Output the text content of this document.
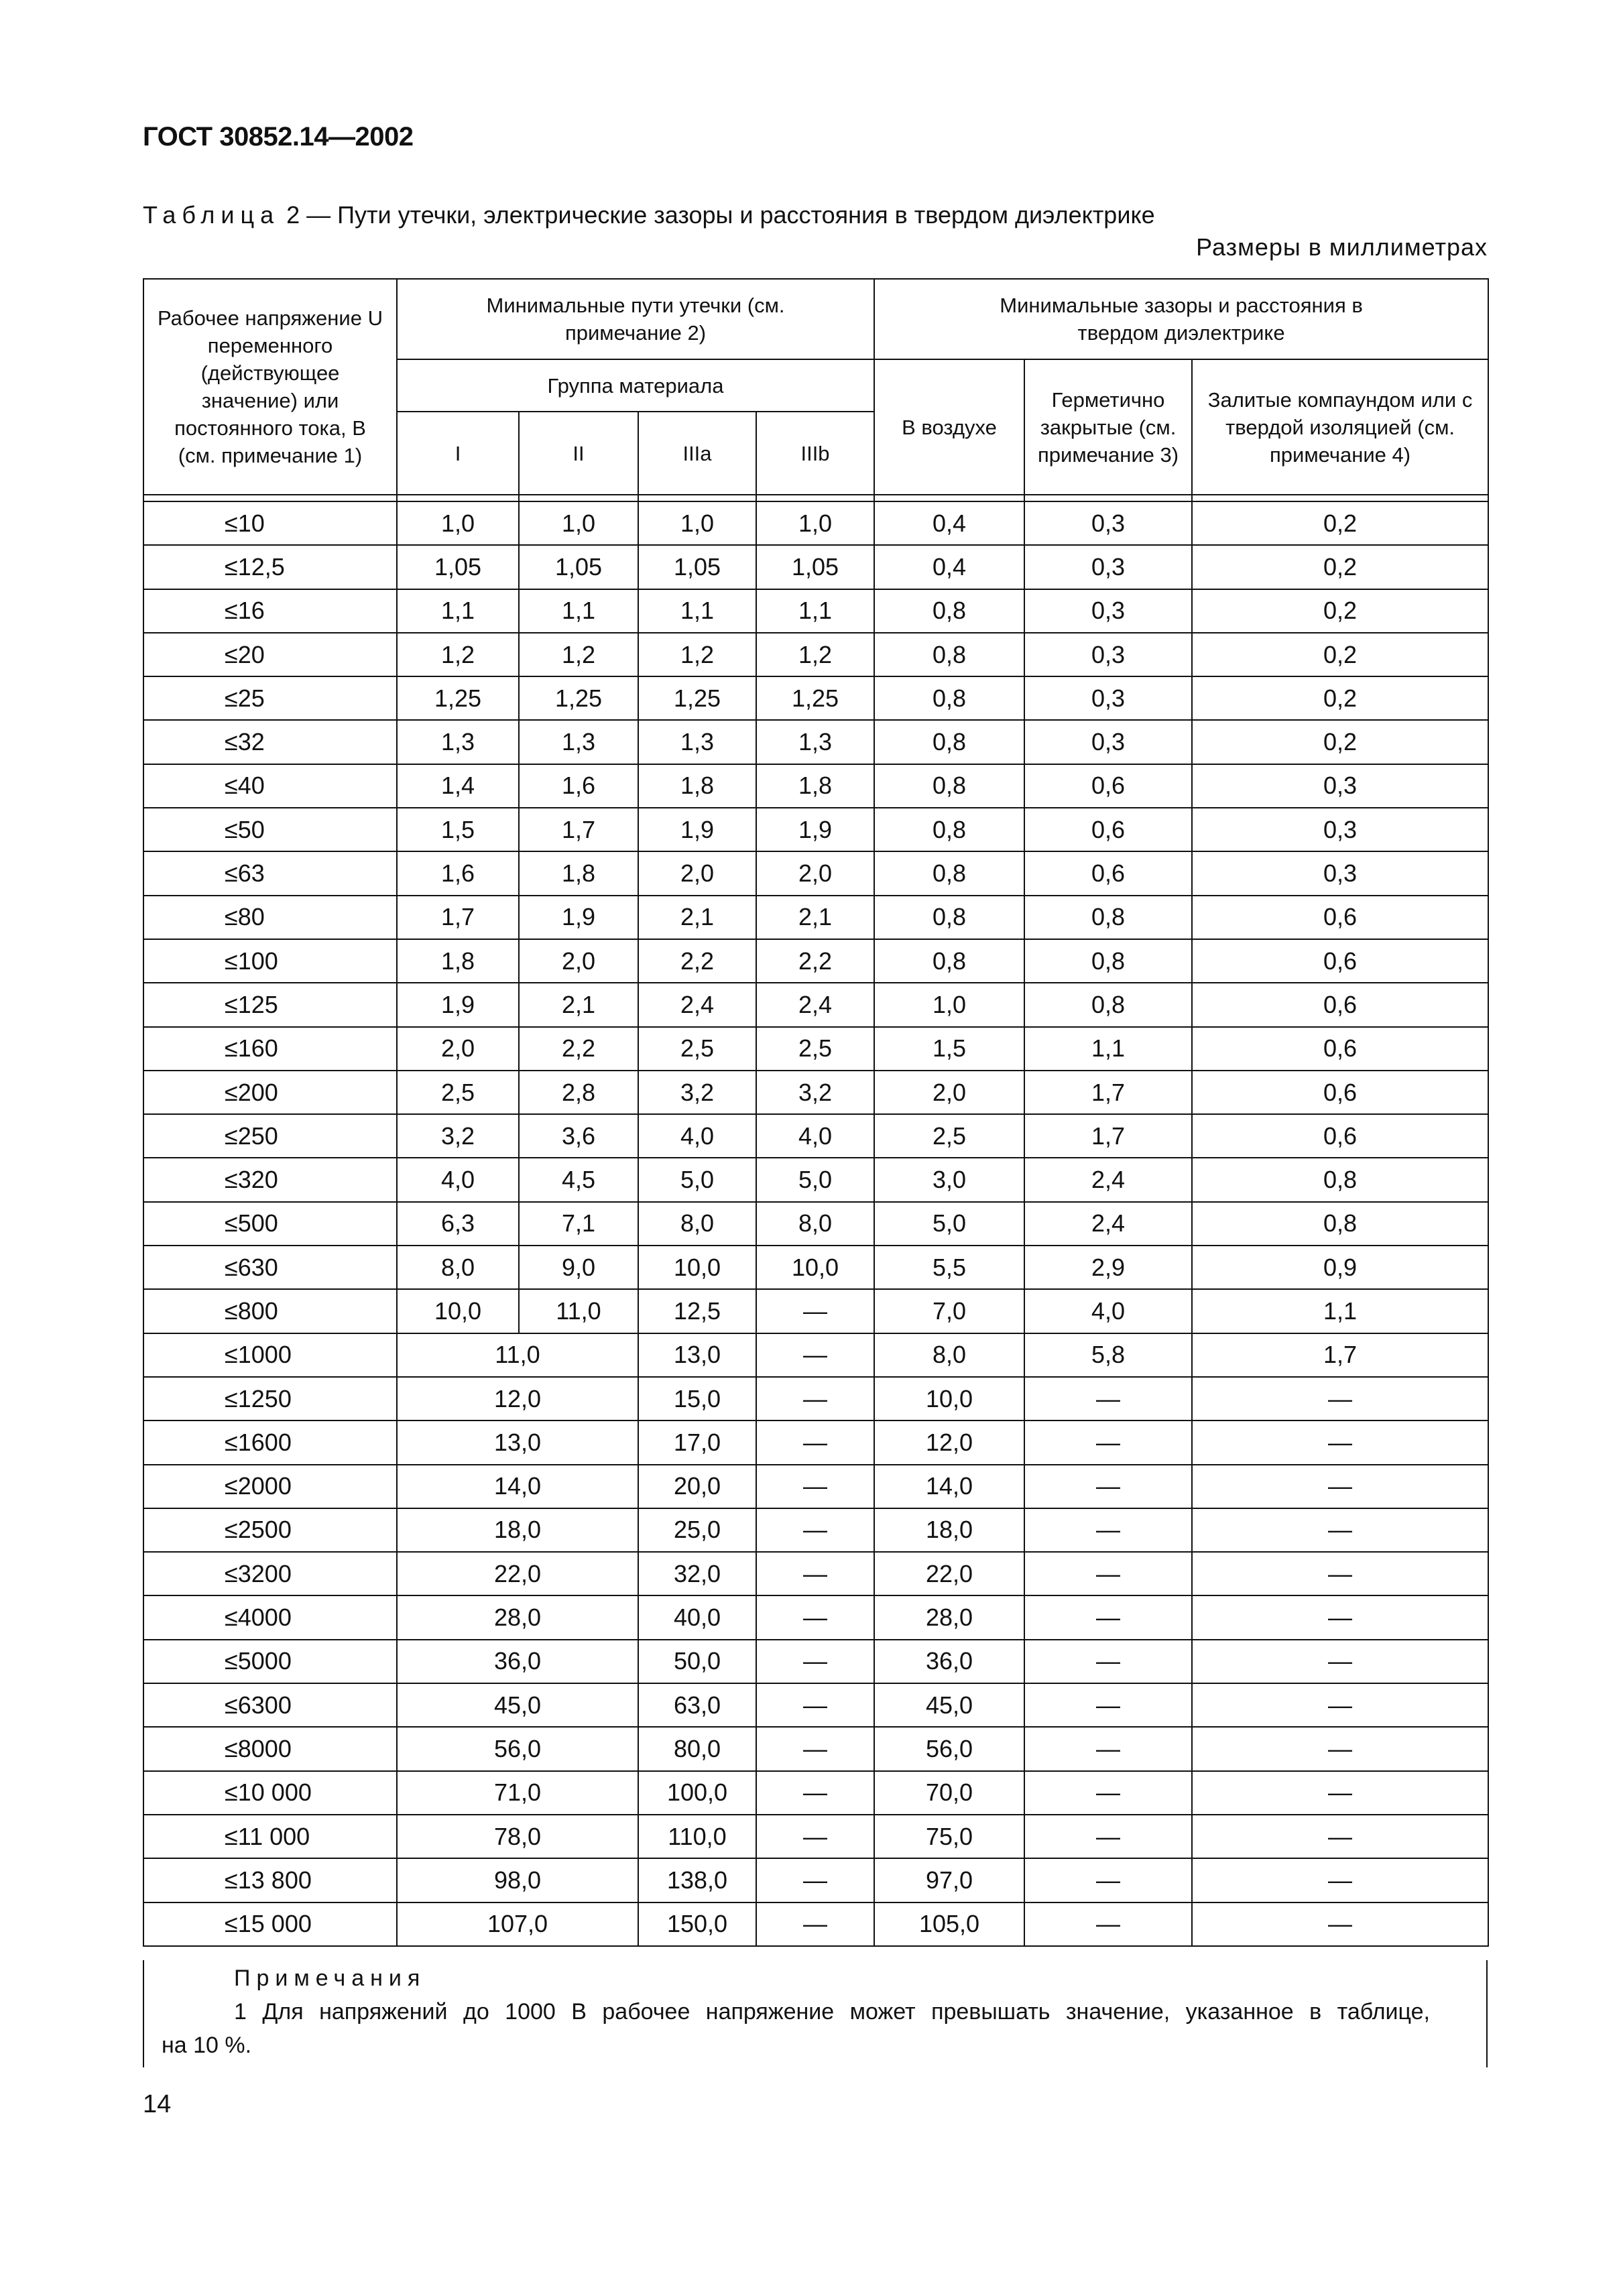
ГОСТ 30852.14—2002
Таблица 2 — Пути утечки, электрические зазоры и расстояния в твердом диэлектрике
Размеры в миллиметрах
Рабочее напряжение U переменного (действующее значение) или постоянного тока, В (см. примечание 1)	Минимальные пути утечки (см. примечание 2)				Минимальные зазоры и расстояния в твердом диэлектрике		
	Группа материала				В воздухе	Герметично закрытые (см. примечание 3)	Залитые компаундом или с твердой изоляцией (см. примечание 4)
	I	II	IIIa	IIIb			

≤10	1,0	1,0	1,0	1,0	0,4	0,3	0,2
≤12,5	1,05	1,05	1,05	1,05	0,4	0,3	0,2
≤16	1,1	1,1	1,1	1,1	0,8	0,3	0,2
≤20	1,2	1,2	1,2	1,2	0,8	0,3	0,2
≤25	1,25	1,25	1,25	1,25	0,8	0,3	0,2
≤32	1,3	1,3	1,3	1,3	0,8	0,3	0,2
≤40	1,4	1,6	1,8	1,8	0,8	0,6	0,3
≤50	1,5	1,7	1,9	1,9	0,8	0,6	0,3
≤63	1,6	1,8	2,0	2,0	0,8	0,6	0,3
≤80	1,7	1,9	2,1	2,1	0,8	0,8	0,6
≤100	1,8	2,0	2,2	2,2	0,8	0,8	0,6
≤125	1,9	2,1	2,4	2,4	1,0	0,8	0,6
≤160	2,0	2,2	2,5	2,5	1,5	1,1	0,6
≤200	2,5	2,8	3,2	3,2	2,0	1,7	0,6
≤250	3,2	3,6	4,0	4,0	2,5	1,7	0,6
≤320	4,0	4,5	5,0	5,0	3,0	2,4	0,8
≤500	6,3	7,1	8,0	8,0	5,0	2,4	0,8
≤630	8,0	9,0	10,0	10,0	5,5	2,9	0,9
≤800	10,0	11,0	12,5	—	7,0	4,0	1,1
≤1000	11,0		13,0	—	8,0	5,8	1,7
≤1250	12,0		15,0	—	10,0	—	—
≤1600	13,0		17,0	—	12,0	—	—
≤2000	14,0		20,0	—	14,0	—	—
≤2500	18,0		25,0	—	18,0	—	—
≤3200	22,0		32,0	—	22,0	—	—
≤4000	28,0		40,0	—	28,0	—	—
≤5000	36,0		50,0	—	36,0	—	—
≤6300	45,0		63,0	—	45,0	—	—
≤8000	56,0		80,0	—	56,0	—	—
≤10 000	71,0		100,0	—	70,0	—	—
≤11 000	78,0		110,0	—	75,0	—	—
≤13 800	98,0		138,0	—	97,0	—	—
≤15 000	107,0		150,0	—	105,0	—	—
Примечания
1 Для напряжений до 1000 В рабочее напряжение может превышать значение, указанное в таблице,
на 10 %.
14
